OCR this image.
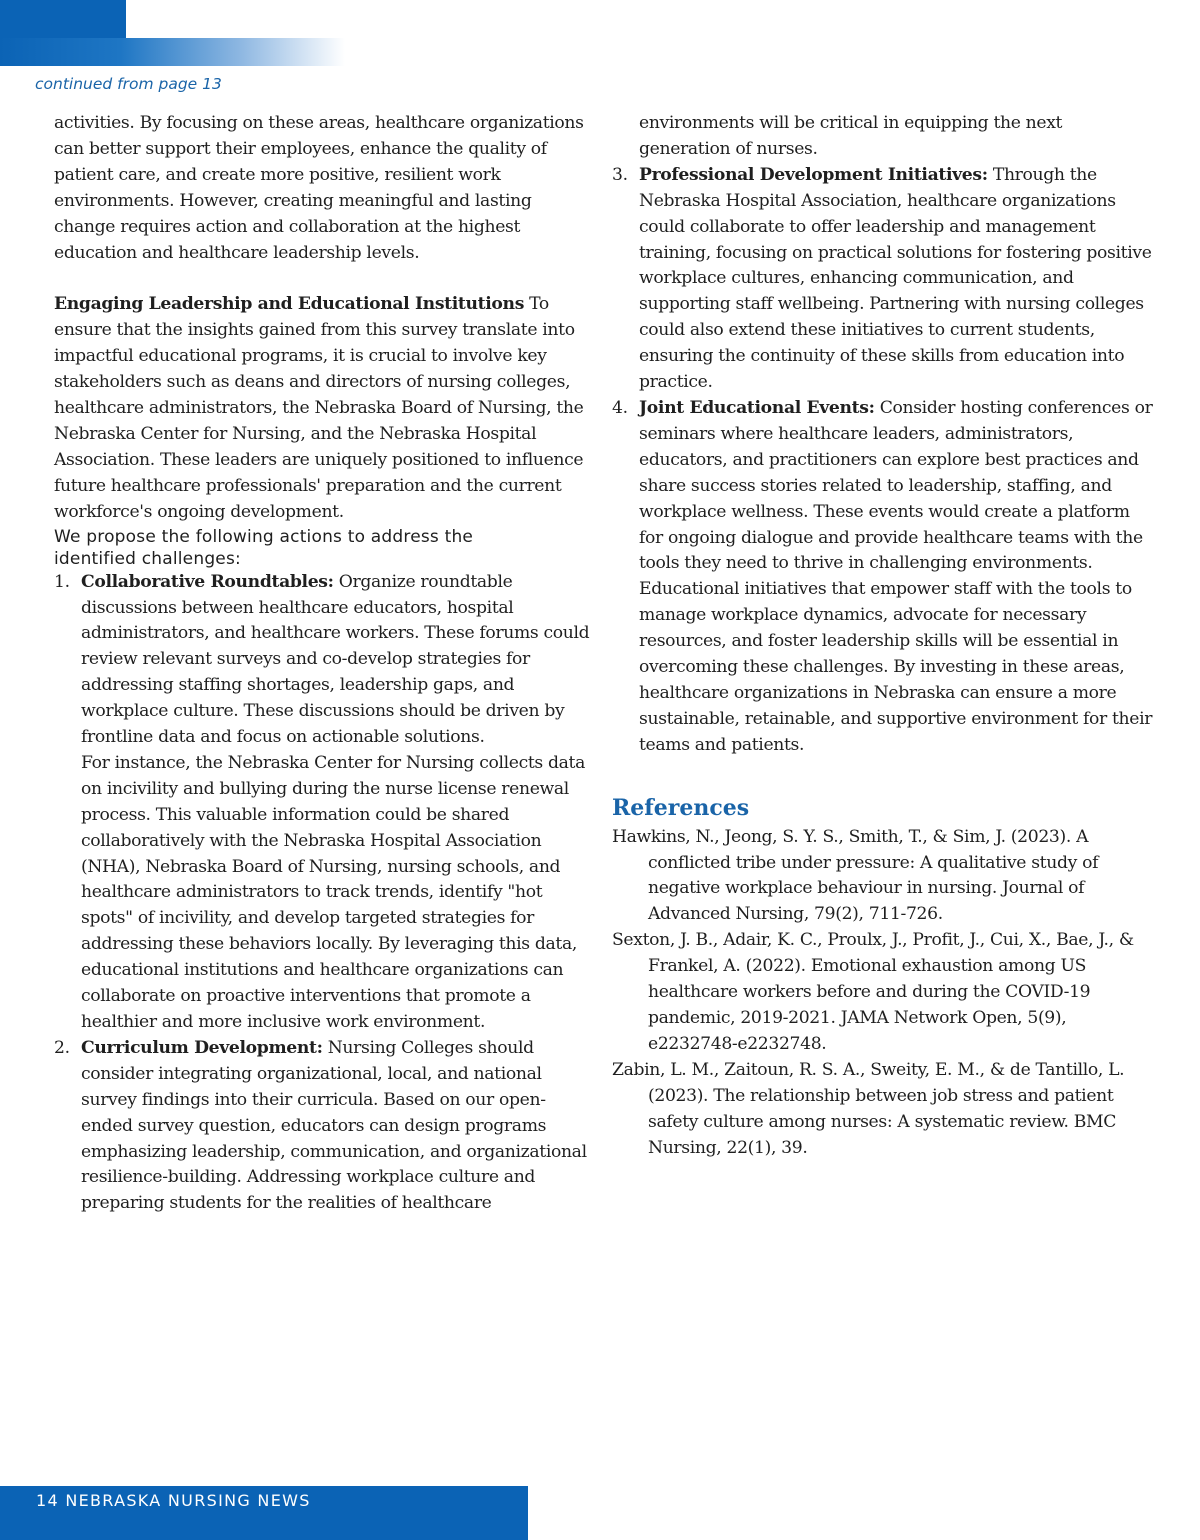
continued from page 13

activities. By focusing on these areas, healthcare organizations can better support their employees, enhance the quality of patient care, and create more positive, resilient work environments. However, creating meaningful and lasting change requires action and collaboration at the highest education and healthcare leadership levels.

Engaging Leadership and Educational Institutions To ensure that the insights gained from this survey translate into impactful educational programs, it is crucial to involve key stakeholders such as deans and directors of nursing colleges, healthcare administrators, the Nebraska Board of Nursing, the Nebraska Center for Nursing, and the Nebraska Hospital Association. These leaders are uniquely positioned to influence future healthcare professionals' preparation and the current workforce's ongoing development.

We propose the following actions to address the
identified challenges:

1. Collaborative Roundtables: Organize roundtable discussions between healthcare educators, hospital administrators, and healthcare workers. These forums could review relevant surveys and co-develop strategies for addressing staffing shortages, leadership gaps, and workplace culture. These discussions should be driven by frontline data and focus on actionable solutions.
For instance, the Nebraska Center for Nursing collects data on incivility and bullying during the nurse license renewal process. This valuable information could be shared collaboratively with the Nebraska Hospital Association (NHA), Nebraska Board of Nursing, nursing schools, and healthcare administrators to track trends, identify "hot spots" of incivility, and develop targeted strategies for addressing these behaviors locally. By leveraging this data, educational institutions and healthcare organizations can collaborate on proactive interventions that promote a healthier and more inclusive work environment.
2. Curriculum Development: Nursing Colleges should consider integrating organizational, local, and national survey findings into their curricula. Based on our open-ended survey question, educators can design programs emphasizing leadership, communication, and organizational resilience-building. Addressing workplace culture and preparing students for the realities of healthcare
environments will be critical in equipping the next generation of nurses.
3. Professional Development Initiatives: Through the Nebraska Hospital Association, healthcare organizations could collaborate to offer leadership and management training, focusing on practical solutions for fostering positive workplace cultures, enhancing communication, and supporting staff wellbeing. Partnering with nursing colleges could also extend these initiatives to current students, ensuring the continuity of these skills from education into practice.
4. Joint Educational Events: Consider hosting conferences or seminars where healthcare leaders, administrators, educators, and practitioners can explore best practices and share success stories related to leadership, staffing, and workplace wellness. These events would create a platform for ongoing dialogue and provide healthcare teams with the tools they need to thrive in challenging environments. Educational initiatives that empower staff with the tools to manage workplace dynamics, advocate for necessary resources, and foster leadership skills will be essential in overcoming these challenges. By investing in these areas, healthcare organizations in Nebraska can ensure a more sustainable, retainable, and supportive environment for their teams and patients.
References

Hawkins, N., Jeong, S. Y. S., Smith, T., & Sim, J. (2023). A conflicted tribe under pressure: A qualitative study of negative workplace behaviour in nursing. Journal of Advanced Nursing, 79(2), 711-726.

Sexton, J. B., Adair, K. C., Proulx, J., Profit, J., Cui, X., Bae, J., & Frankel, A. (2022). Emotional exhaustion among US healthcare workers before and during the COVID-19 pandemic, 2019-2021. JAMA Network Open, 5(9), e2232748-e2232748.

Zabin, L. M., Zaitoun, R. S. A., Sweity, E. M., & de Tantillo, L. (2023). The relationship between job stress and patient safety culture among nurses: A systematic review. BMC Nursing, 22(1), 39.

14 NEBRASKA NURSING NEWS
